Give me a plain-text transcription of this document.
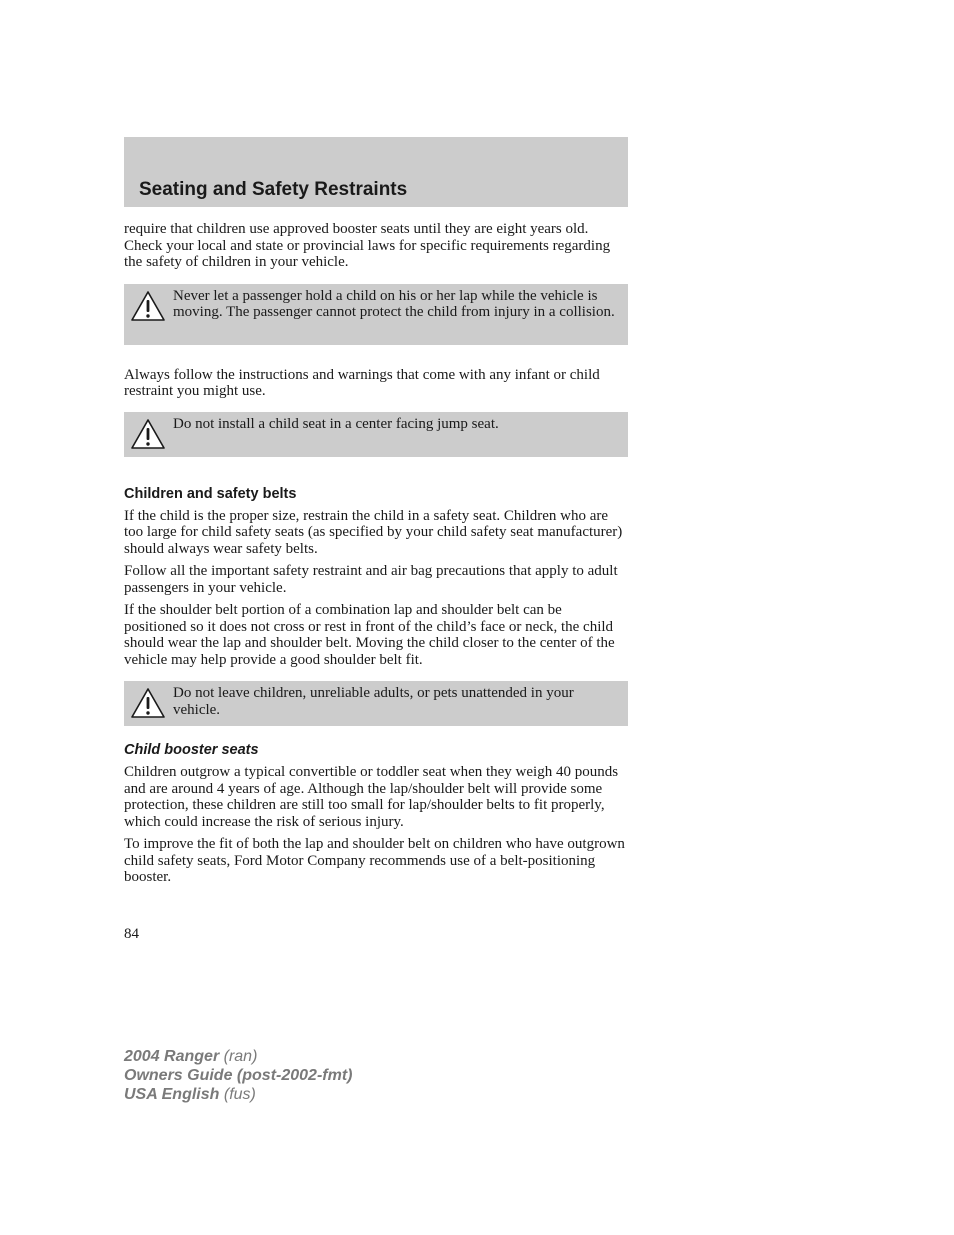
Seating and Safety Restraints

require that children use approved booster seats until they are eight years old. Check your local and state or provincial laws for specific requirements regarding the safety of children in your vehicle.

Never let a passenger hold a child on his or her lap while the vehicle is moving. The passenger cannot protect the child from injury in a collision.

Always follow the instructions and warnings that come with any infant or child restraint you might use.

Do not install a child seat in a center facing jump seat.
Children and safety belts

If the child is the proper size, restrain the child in a safety seat. Children who are too large for child safety seats (as specified by your child safety seat manufacturer) should always wear safety belts.

Follow all the important safety restraint and air bag precautions that apply to adult passengers in your vehicle.

If the shoulder belt portion of a combination lap and shoulder belt can be positioned so it does not cross or rest in front of the child’s face or neck, the child should wear the lap and shoulder belt. Moving the child closer to the center of the vehicle may help provide a good shoulder belt fit.

Do not leave children, unreliable adults, or pets unattended in your vehicle.
Child booster seats

Children outgrow a typical convertible or toddler seat when they weigh 40 pounds and are around 4 years of age. Although the lap/shoulder belt will provide some protection, these children are still too small for lap/shoulder belts to fit properly, which could increase the risk of serious injury.

To improve the fit of both the lap and shoulder belt on children who have outgrown child safety seats, Ford Motor Company recommends use of a belt-positioning booster.

84
2004 Ranger (ran)
Owners Guide (post-2002-fmt)
USA English (fus)
